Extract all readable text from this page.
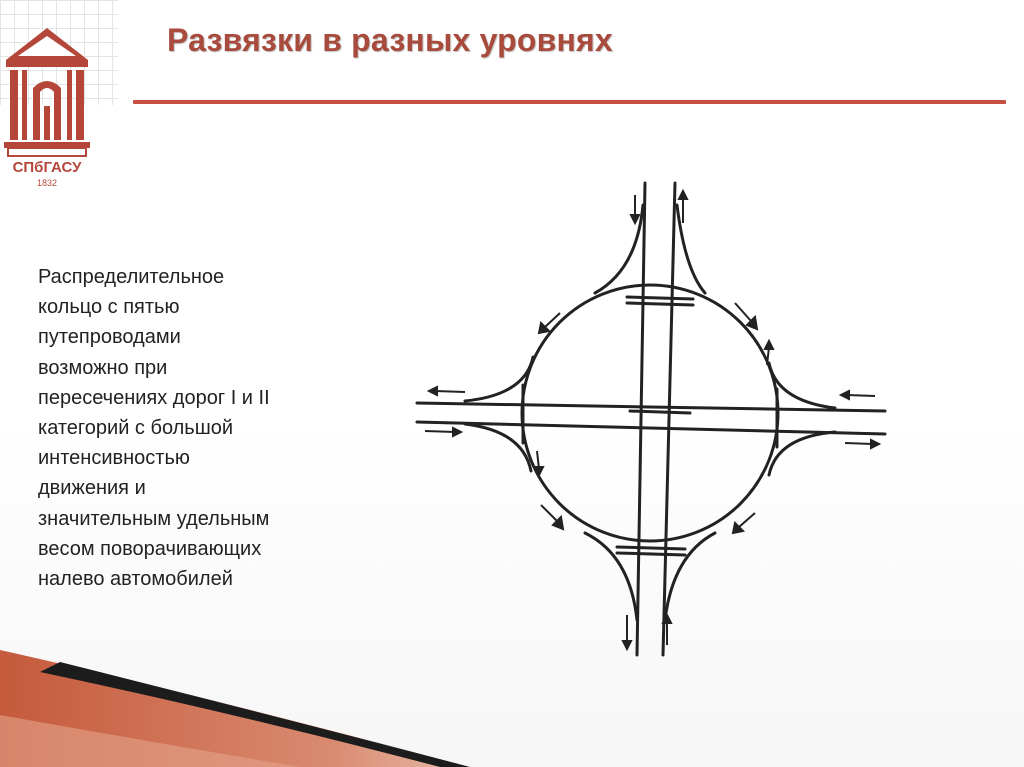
СПбГАСУ
1832
Развязки в разных уровнях
Распределительное
кольцо с пятью
путепроводами
возможно при
пересечениях дорог I и II
категорий с большой
интенсивностью
движения и
значительным удельным
весом поворачивающих
налево автомобилей
